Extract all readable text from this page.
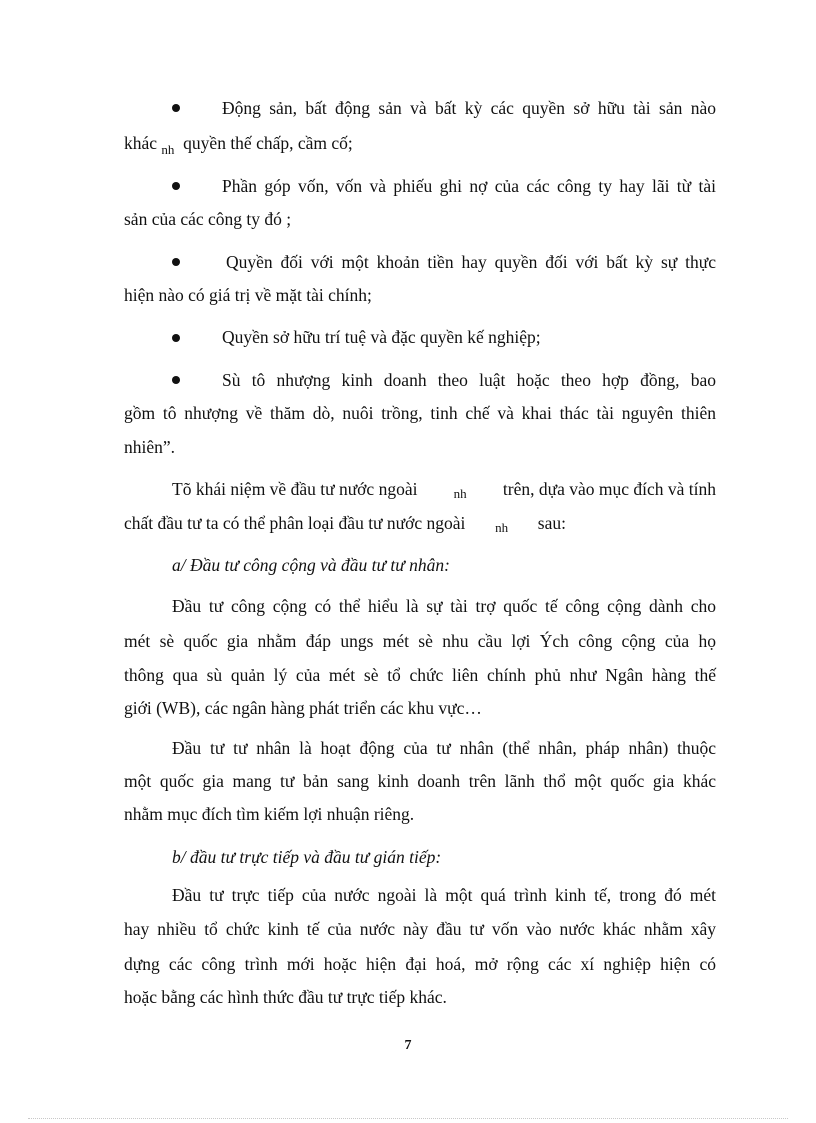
Động sản, bất động sản và bất kỳ các quyền sở hữu tài sản nào
khác $_{nh}$ quyền thế chấp, cầm cố;
Phần góp vốn, vốn và phiếu ghi nợ của các công ty hay lãi từ tài
sản của các công ty đó ;
Quyền đối với một khoản tiền hay quyền đối với bất kỳ sự thực
hiện nào có giá trị về mặt tài chính;
Quyền sở hữu trí tuệ và đặc quyền kế nghiệp;
Sù tô nhượng kinh doanh theo luật hoặc theo hợp đồng, bao
gồm tô nhượng về thăm dò, nuôi trồng, tinh chế và khai thác tài nguyên thiên
nhiên”.
Tõ khái niệm về đầu tư nước ngoài	nh trên, dựa vào mục đích và tính
chất đầu tư ta có thể phân loại đầu tư nước ngoài nh sau:
a/ Đầu tư công cộng và đầu tư tư nhân:
Đầu tư công cộng có thể hiểu là sự tài trợ quốc tế công cộng dành cho
mét sè quốc gia nhằm đáp ungs mét sè nhu cầu lợi Ých công cộng của họ
thông qua sù quản lý của mét sè tổ chức liên chính phủ như Ngân hàng thế
giới (WB), các ngân hàng phát triển các khu vực…
Đầu tư tư nhân là hoạt động của tư nhân (thể nhân, pháp nhân) thuộc
một quốc gia mang tư bản sang kinh doanh trên lãnh thổ một quốc gia khác
nhằm mục đích tìm kiếm lợi nhuận riêng.
b/ đầu tư trực tiếp và đầu tư gián tiếp:
Đầu tư trực tiếp của nước ngoài là một quá trình kinh tế, trong đó mét
hay nhiều tổ chức kinh tế của nước này đầu tư vốn vào nước khác nhằm xây
dựng các công trình mới hoặc hiện đại hoá, mở rộng các xí nghiệp hiện có
hoặc bằng các hình thức đầu tư trực tiếp khác.
7
